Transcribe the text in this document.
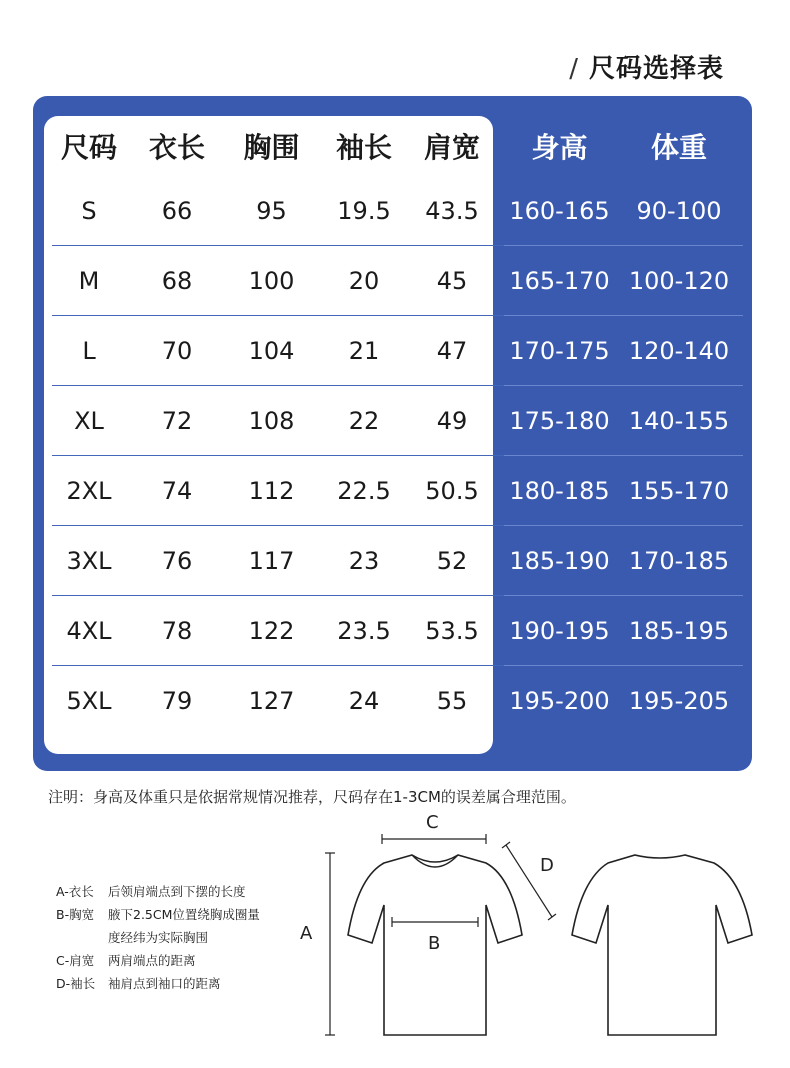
/ 尺码选择表
尺码	衣长	胸围	袖长	肩宽	身高	体重
S	66	95	19.5	43.5	160-165	90-100
M	68	100	20	45	165-170 100-120
L	70	104	21	47	170-175 120-140
XL	72	108	22	49	175-180 140-155
2XL	74	112	22.5	50.5	180-185 155-170
3XL	76	117	23	52	185-190 170-185
4XL	78	122	23.5	53.5	190-195 185-195
5XL	79	127	24	55	195-200 195-205
注明：身高及体重只是依据常规情况推荐，尺码存在1-3CM的误差属合理范围。
A-衣长	后领肩端点到下摆的长度
B-胸宽	腋下2.5CM位置绕胸成圈量
度经纬为实际胸围
C-肩宽	两肩端点的距离
D-袖长	袖肩点到袖口的距离
A	B
C
D
